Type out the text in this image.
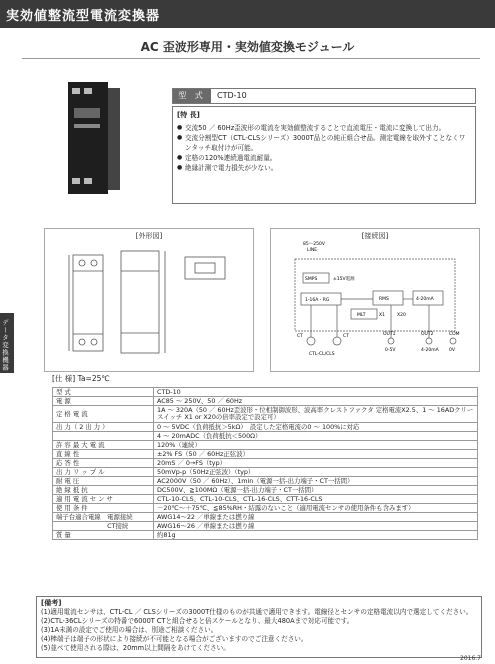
実効値整流型電流変換器
AC 歪波形専用・実効値変換モジュール
型 式	CTD-10
[特 長]
● 交流50 ／ 60Hz歪波形の電流を実効値整流することで直流電圧・電流に変換して出力。
● 交流分割型CT（CTL-CLSシリーズ）3000T品との純正組合せ品。測定電線を取外すことなくワンタッチ取付けが可能。
● 定格の120%連続過電流耐量。
● 絶縁計測で電力損失が少ない。
[外形図]	[接続図]
85～250V
LINE
SMPS	±15V電源
1-16A・RG	RMS	4-20mA
MLT	X1	X20
CT	CT	OUT1	OUT2	COM
0-5V	4-20mA 0V
CTL-CL/CLS
データ変換機器
[仕 様] Ta=25℃
型 式	CTD-10
電 源	AC85 ～ 250V、50 ／ 60Hz
定 格 電 流	1A ～ 320A（50 ／ 60Hz歪波形・位相制御波形、波高率クレストファクタ 定格電流X2.5、1 ～ 16ADクリースイッチ X1 or X20の倍率設定で設定可）
出 力（ 2 出 力 ）	0 ～ 5VDC（負荷抵抗＞5kΩ）　設定した定格電流の0 ～ 100%に対応
	4 ～ 20mADC（負荷抵抗＜500Ω）
許 容 最 大 電 流	120%（連続）
直 線 性	±2% FS（50 ／ 60Hz正弦波）
応 答 性	20mS ／ 0→FS（typ）
出 力 リ ッ プ ル	50mVp-p（50Hz正弦波）（typ）
耐 電 圧	AC2000V（50 ／ 60Hz）、1min（電源一括-出力端子・CT一括間）
絶 縁 抵 抗	DC500V、≧100MΩ（電源一括-出力端子・CT一括間）
適 用 電 流 セ ン サ	CTL-10-CLS、CTL-10-CLS、CTL-16-CLS、CTT-16-CLS
使 用 条 件	－20℃～＋75℃、≦85%RH・結露のないこと（適用電流センサの使用条件も含みます）
端子台適合電線　電源接続	AWG14～22 ／単線または撚り線
　　　　　　　　CT接続	AWG16～26 ／単線または撚り線
質 量	約81g
[備考]
(1)適用電流センサは、CTL-CL ／ CLSシリーズの3000T仕様のものが共通で適用できます。電線径とセンサの定格電流以内で選定してください。
(2)CTL-36CLシリーズの特番で6000T CTと組合せると倍スケールとなり、最大480Aまで対応可能です。
(3)1A未満の設定でご使用の場合は、別途ご相談ください。
(4)棒端子は端子の形状により接続が不可能となる場合がございますのでご注意ください。
(5)並べて使用される際は、20mm以上間隔をあけてください。
2016.7
